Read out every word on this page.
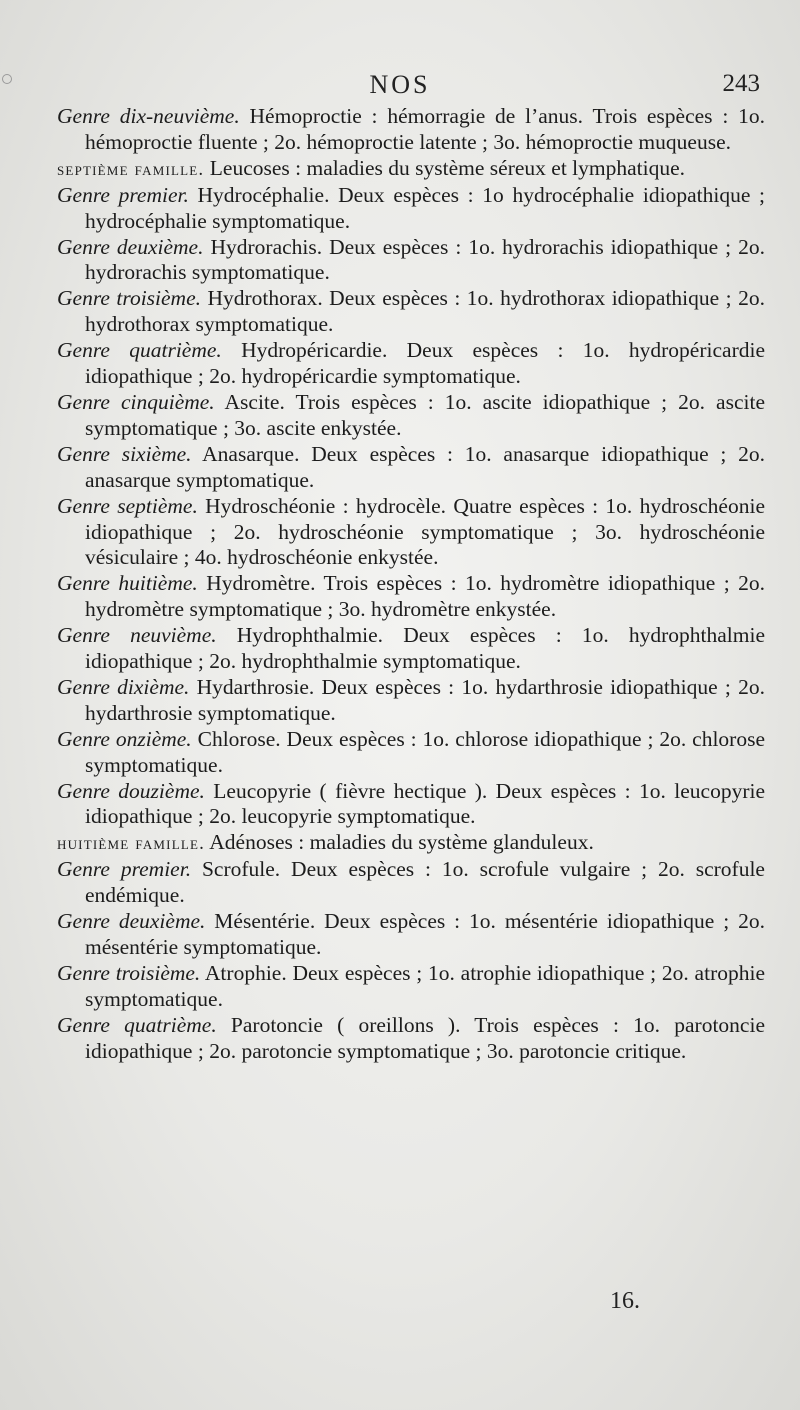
NOS	243

Genre dix-neuvième. Hémoproctie : hémorragie de l’anus. Trois espèces : 1o. hémoproctie fluente ; 2o. hémoproctie latente ; 3o. hémoproctie muqueuse.

septième famille. Leucoses : maladies du système séreux et lymphatique.

Genre premier. Hydrocéphalie. Deux espèces : 1o hydrocéphalie idiopathique ; hydrocéphalie symptomatique.

Genre deuxième. Hydrorachis. Deux espèces : 1o. hydrorachis idiopathique ; 2o. hydrorachis symptomatique.

Genre troisième. Hydrothorax. Deux espèces : 1o. hydrothorax idiopathique ; 2o. hydrothorax symptomatique.

Genre quatrième. Hydropéricardie. Deux espèces : 1o. hydropéricardie idiopathique ; 2o. hydropéricardie symptomatique.

Genre cinquième. Ascite. Trois espèces : 1o. ascite idiopathique ; 2o. ascite symptomatique ; 3o. ascite enkystée.

Genre sixième. Anasarque. Deux espèces : 1o. anasarque idiopathique ; 2o. anasarque symptomatique.

Genre septième. Hydroschéonie : hydrocèle. Quatre espèces : 1o. hydroschéonie idiopathique ; 2o. hydroschéonie symptomatique ; 3o. hydroschéonie vésiculaire ; 4o. hydroschéonie enkystée.

Genre huitième. Hydromètre. Trois espèces : 1o. hydromètre idiopathique ; 2o. hydromètre symptomatique ; 3o. hydromètre enkystée.

Genre neuvième. Hydrophthalmie. Deux espèces : 1o. hydrophthalmie idiopathique ; 2o. hydrophthalmie symptomatique.

Genre dixième. Hydarthrosie. Deux espèces : 1o. hydarthrosie idiopathique ; 2o. hydarthrosie symptomatique.

Genre onzième. Chlorose. Deux espèces : 1o. chlorose idiopathique ; 2o. chlorose symptomatique.

Genre douzième. Leucopyrie ( fièvre hectique ). Deux espèces : 1o. leucopyrie idiopathique ; 2o. leucopyrie symptomatique.

huitième famille. Adénoses : maladies du système glanduleux.

Genre premier. Scrofule. Deux espèces : 1o. scrofule vulgaire ; 2o. scrofule endémique.

Genre deuxième. Mésentérie. Deux espèces : 1o. mésentérie idiopathique ; 2o. mésentérie symptomatique.

Genre troisième. Atrophie. Deux espèces ; 1o. atrophie idiopathique ; 2o. atrophie symptomatique.

Genre quatrième. Parotoncie ( oreillons ). Trois espèces : 1o. parotoncie idiopathique ; 2o. parotoncie symptomatique ; 3o. parotoncie critique.

16.
